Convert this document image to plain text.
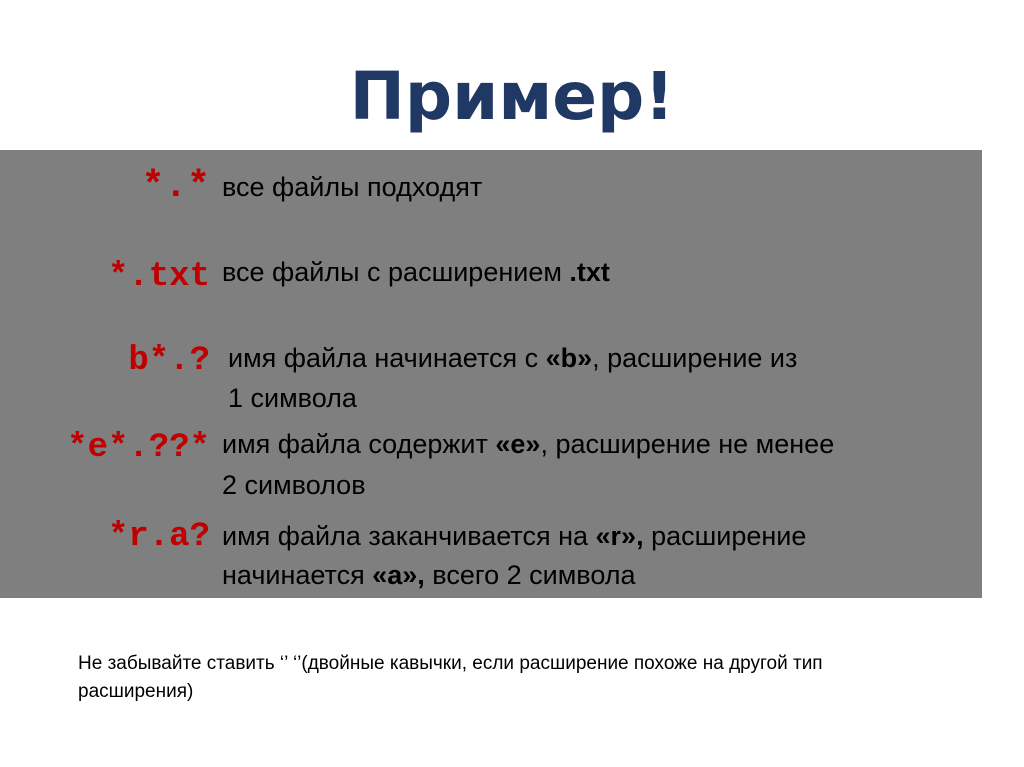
Пример!
*.* все файлы подходят
*.txt все файлы с расширением .txt
b*.? имя файла начинается с «b», расширение из
1 символа
*e*.??* имя файла содержит «e», расширение не менее
2 символов
*r.a? имя файла заканчивается на «r», расширение
начинается «a», всего 2 символа
Не забывайте ставить ‘’ ‘’(двойные кавычки, если расширение похоже на другой тип расширения)
